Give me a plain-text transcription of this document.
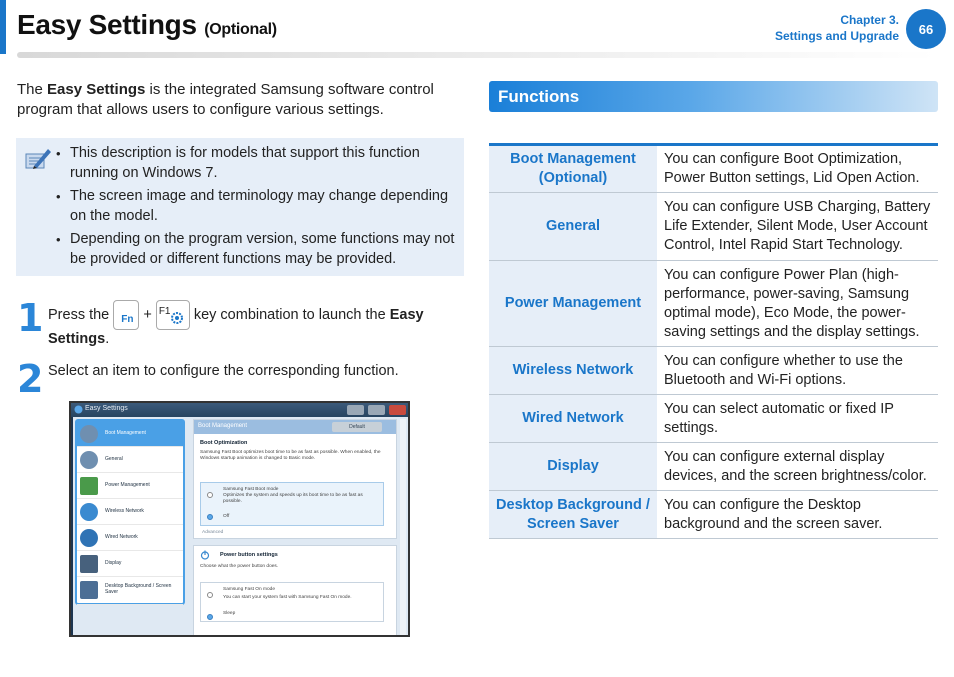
Easy Settings (Optional)
Chapter 3.
Settings and Upgrade	66

The Easy Settings is the integrated Samsung software control program that allows users to configure various settings.

• This description is for models that support this function running on Windows 7.
• The screen image and terminology may change depending on the model.
• Depending on the program version, some functions may not be provided or different functions may be provided.
1 Press the Fn + F1 key combination to launch the Easy Settings.
2 Select an item to configure the corresponding function.
Easy Settings
Boot Management
General
Power Management
Wireless Network
Wired Network
Display
Desktop Background / Screen Saver
Boot Management	Default
Boot Optimization
Samsung Fast Boot optimizes boot time to be as fast as possible. When enabled, the Windows startup animation is changed to Basic mode.
Samsung Fast Boot mode
Optimizes the system and speeds up its boot time to be as fast as possible.
Off
Advanced
Power button settings
Choose what the power button does.
Samsung Fast On mode
You can start your system fast with Samsung Fast On mode.
Sleep
Functions
Boot Management (Optional)	You can configure Boot Optimization, Power Button settings, Lid Open Action.
General	You can configure USB Charging, Battery Life Extender, Silent Mode, User Account Control, Intel Rapid Start Technology.
Power Management	You can configure Power Plan (high-performance, power-saving, Samsung optimal mode), Eco Mode, the power-saving settings and the display settings.
Wireless Network	You can configure whether to use the Bluetooth and Wi-Fi options.
Wired Network	You can select automatic or fixed IP settings.
Display	You can configure external display devices, and the screen brightness/color.
Desktop Background / Screen Saver	You can configure the Desktop background and the screen saver.
